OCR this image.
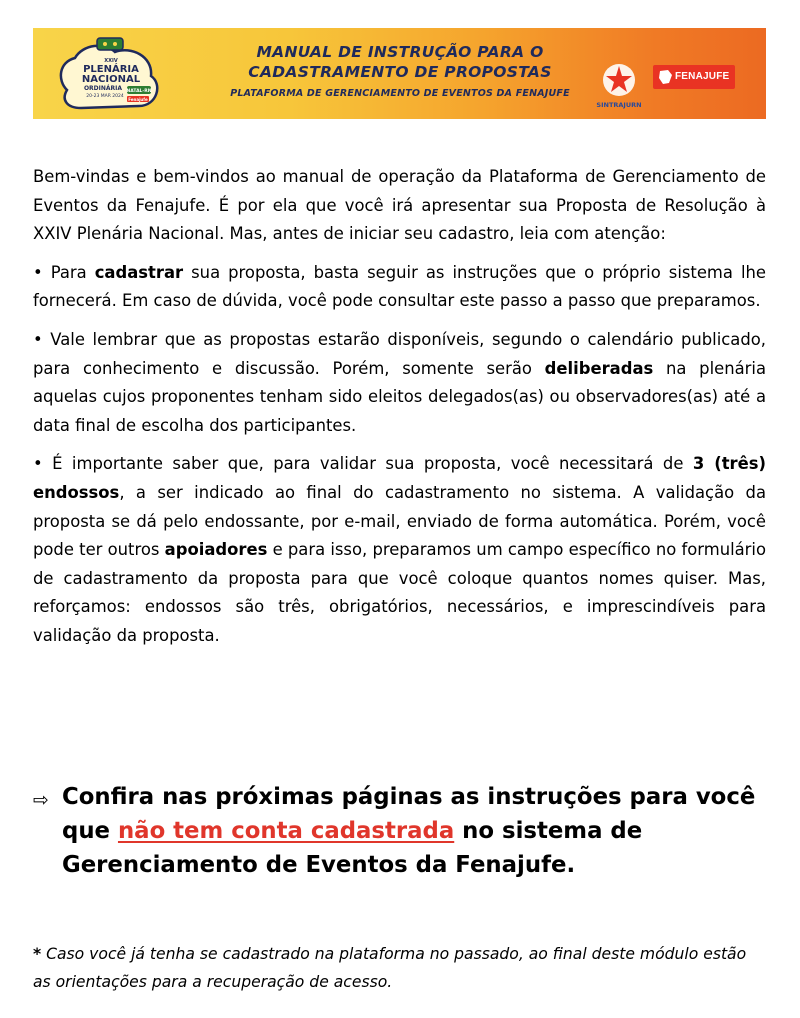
XXIV
PLENÁRIA
NACIONAL
ORDINÁRIA
20-23 MAR 2024
NATAL-RN
Fenajufe
MANUAL DE INSTRUÇÃO PARA O
CADASTRAMENTO DE PROPOSTAS
PLATAFORMA DE GERENCIAMENTO DE EVENTOS DA FENAJUFE
SINTRAJURN
FENAJUFE

Bem-vindas e bem-vindos ao manual de operação da Plataforma de Gerenciamento de Eventos da Fenajufe. É por ela que você irá apresentar sua Proposta de Resolução à XXIV Plenária Nacional. Mas, antes de iniciar seu cadastro, leia com atenção:

• Para cadastrar sua proposta, basta seguir as instruções que o próprio sistema lhe fornecerá. Em caso de dúvida, você pode consultar este passo a passo que preparamos.

• Vale lembrar que as propostas estarão disponíveis, segundo o calendário publicado, para conhecimento e discussão. Porém, somente serão deliberadas na plenária aquelas cujos proponentes tenham sido eleitos delegados(as) ou observadores(as) até a data final de escolha dos participantes.

• É importante saber que, para validar sua proposta, você necessitará de 3 (três) endossos, a ser indicado ao final do cadastramento no sistema. A validação da proposta se dá pelo endossante, por e-mail, enviado de forma automática. Porém, você pode ter outros apoiadores e para isso, preparamos um campo específico no formulário de cadastramento da proposta para que você coloque quantos nomes quiser. Mas, reforçamos: endossos são três, obrigatórios, necessários, e imprescindíveis para validação da proposta.

⇨ Confira nas próximas páginas as instruções para você que não tem conta cadastrada no sistema de Gerenciamento de Eventos da Fenajufe.
* Caso você já tenha se cadastrado na plataforma no passado, ao final deste módulo estão as orientações para a recuperação de acesso.
